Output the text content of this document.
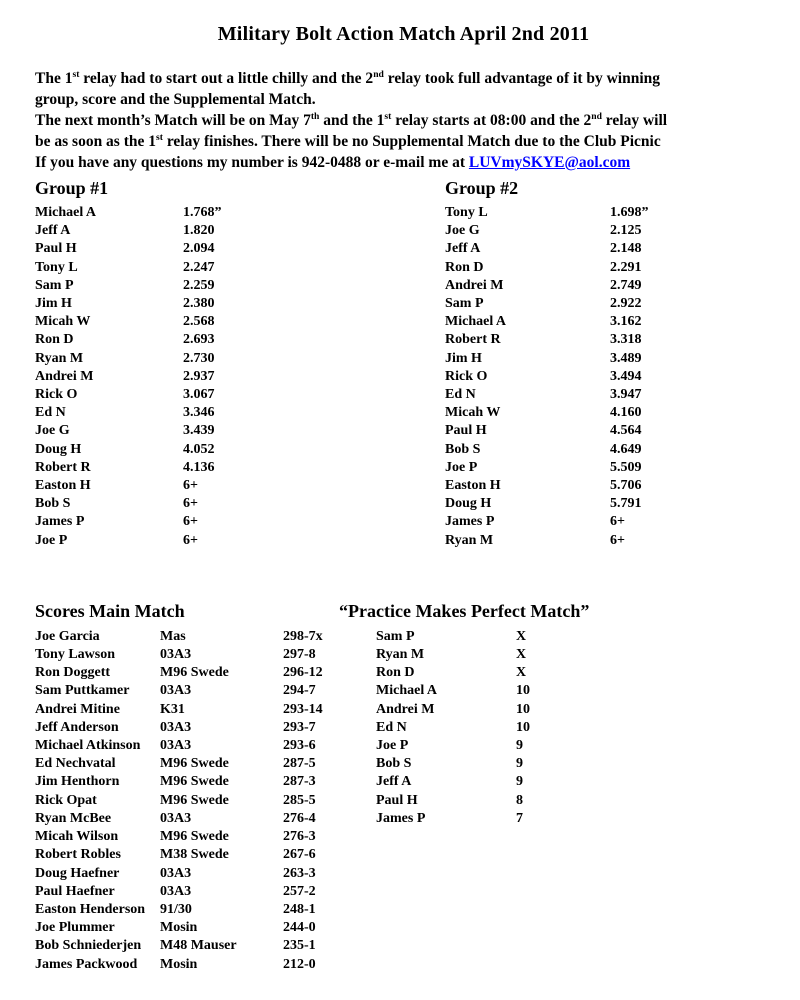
Military Bolt Action Match April 2nd 2011
The 1st relay had to start out a little chilly and the 2nd relay took full advantage of it by winning
group, score and the Supplemental Match.
The next month’s Match will be on May 7th and the 1st relay starts at 08:00 and the 2nd relay will
be as soon as the 1st relay finishes. There will be no Supplemental Match due to the Club Picnic
If you have any questions my number is 942-0488 or e-mail me at LUVmySKYE@aol.com
Group #1
Michael A	1.768”
Jeff A	1.820
Paul H	2.094
Tony L	2.247
Sam P	2.259
Jim H	2.380
Micah W	2.568
Ron D	2.693
Ryan M	2.730
Andrei M	2.937
Rick O	3.067
Ed N	3.346
Joe G	3.439
Doug H	4.052
Robert R	4.136
Easton H	6+
Bob S	6+
James P	6+
Joe P	6+
Group #2
Tony L	1.698”
Joe G	2.125
Jeff A	2.148
Ron D	2.291
Andrei M	2.749
Sam P	2.922
Michael A	3.162
Robert R	3.318
Jim H	3.489
Rick O	3.494
Ed N	3.947
Micah W	4.160
Paul H	4.564
Bob S	4.649
Joe P	5.509
Easton H	5.706
Doug H	5.791
James P	6+
Ryan M	6+
Scores Main Match
Joe Garcia	Mas	298-7x
Tony Lawson	03A3	297-8
Ron Doggett	M96 Swede	296-12
Sam Puttkamer	03A3	294-7
Andrei Mitine	K31	293-14
Jeff Anderson	03A3	293-7
Michael Atkinson	03A3	293-6
Ed Nechvatal	M96 Swede	287-5
Jim Henthorn	M96 Swede	287-3
Rick Opat	M96 Swede	285-5
Ryan McBee	03A3	276-4
Micah Wilson	M96 Swede	276-3
Robert Robles	M38 Swede	267-6
Doug Haefner	03A3	263-3
Paul Haefner	03A3	257-2
Easton Henderson	91/30	248-1
Joe Plummer	Mosin	244-0
Bob Schniederjen	M48 Mauser	235-1
James Packwood	Mosin	212-0
“Practice Makes Perfect Match”
Sam P	X
Ryan M	X
Ron D	X
Michael A	10
Andrei M	10
Ed N	10
Joe P	9
Bob S	9
Jeff A	9
Paul H	8
James P	7
